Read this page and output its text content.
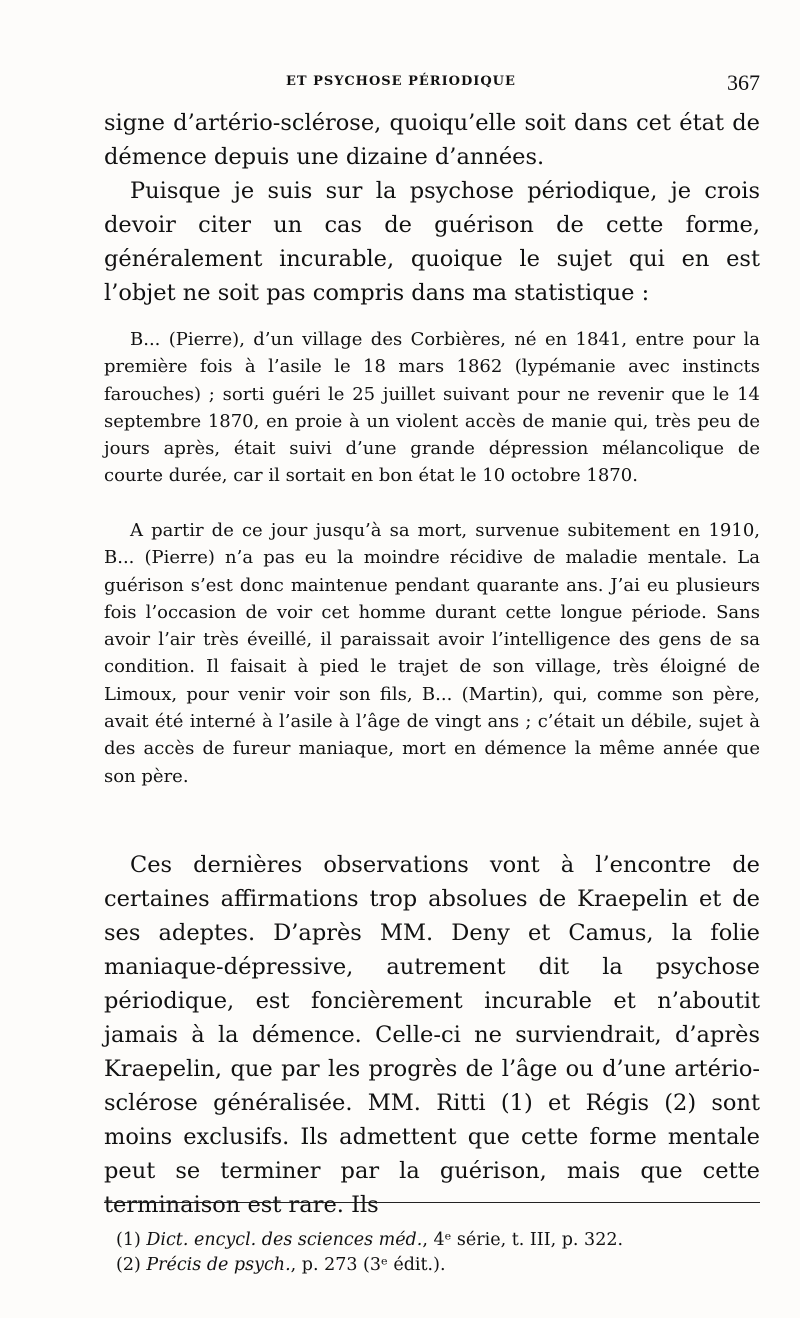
ET PSYCHOSE PÉRIODIQUE	367

signe d’artério-sclérose, quoiqu’elle soit dans cet état de démence depuis une dizaine d’années.

Puisque je suis sur la psychose périodique, je crois devoir citer un cas de guérison de cette forme, généralement incurable, quoique le sujet qui en est l’objet ne soit pas compris dans ma statistique :

B... (Pierre), d’un village des Corbières, né en 1841, entre pour la première fois à l’asile le 18 mars 1862 (lypémanie avec instincts farouches) ; sorti guéri le 25 juillet suivant pour ne revenir que le 14 septembre 1870, en proie à un violent accès de manie qui, très peu de jours après, était suivi d’une grande dépression mélancolique de courte durée, car il sortait en bon état le 10 octobre 1870.

A partir de ce jour jusqu’à sa mort, survenue subitement en 1910, B... (Pierre) n’a pas eu la moindre récidive de maladie mentale. La guérison s’est donc maintenue pendant quarante ans. J’ai eu plusieurs fois l’occasion de voir cet homme durant cette longue période. Sans avoir l’air très éveillé, il paraissait avoir l’intelligence des gens de sa condition. Il faisait à pied le trajet de son village, très éloigné de Limoux, pour venir voir son fils, B... (Martin), qui, comme son père, avait été interné à l’asile à l’âge de vingt ans ; c’était un débile, sujet à des accès de fureur maniaque, mort en démence la même année que son père.

Ces dernières observations vont à l’encontre de certaines affirmations trop absolues de Kraepelin et de ses adeptes. D’après MM. Deny et Camus, la folie maniaque-dépressive, autrement dit la psychose périodique, est foncièrement incurable et n’aboutit jamais à la démence. Celle-ci ne surviendrait, d’après Kraepelin, que par les progrès de l’âge ou d’une artério-sclérose généralisée. MM. Ritti (1) et Régis (2) sont moins exclusifs. Ils admettent que cette forme mentale peut se terminer par la guérison, mais que cette terminaison est rare. Ils

(1) Dict. encycl. des sciences méd., 4ᵉ série, t. III, p. 322.
(2) Précis de psych., p. 273 (3ᵉ édit.).
